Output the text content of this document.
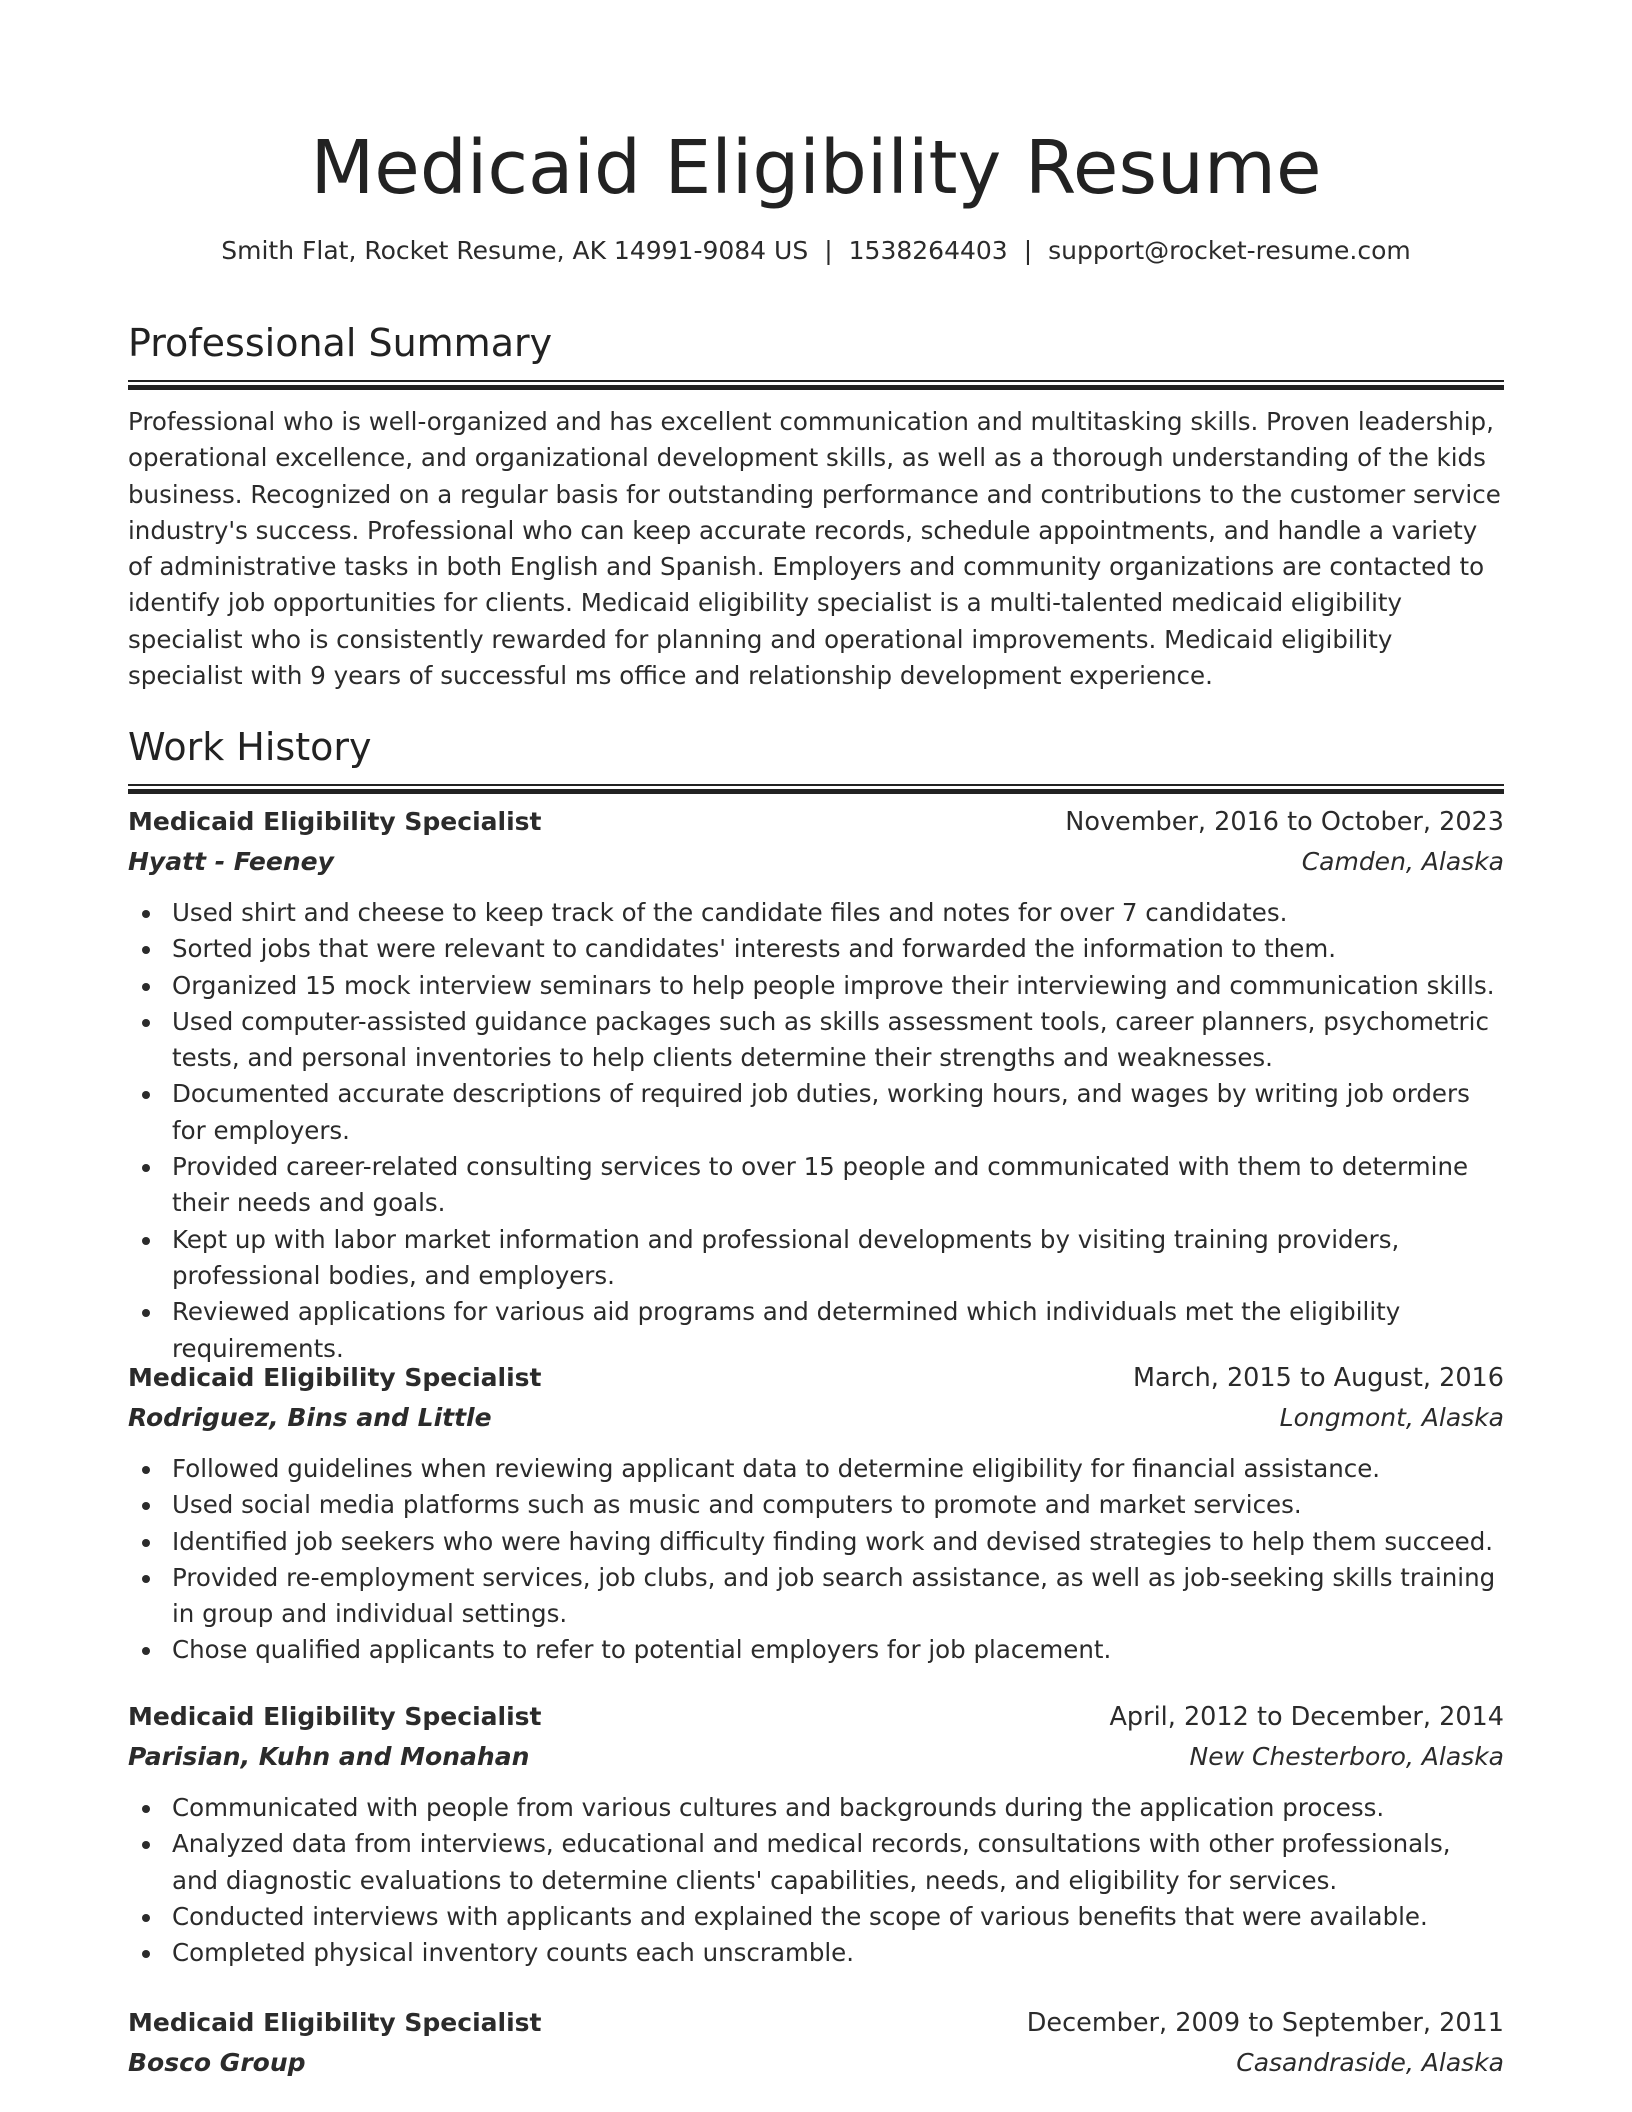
Medicaid Eligibility Resume
Smith Flat, Rocket Resume, AK 14991-9084 US | 1538264403 | support@rocket-resume.com
Professional Summary

Professional who is well-organized and has excellent communication and multitasking skills. Proven leadership, operational excellence, and organizational development skills, as well as a thorough understanding of the kids business. Recognized on a regular basis for outstanding performance and contributions to the customer service industry's success. Professional who can keep accurate records, schedule appointments, and handle a variety of administrative tasks in both English and Spanish. Employers and community organizations are contacted to identify job opportunities for clients. Medicaid eligibility specialist is a multi-talented medicaid eligibility specialist who is consistently rewarded for planning and operational improvements. Medicaid eligibility specialist with 9 years of successful ms office and relationship development experience.

Work History
Medicaid Eligibility Specialist	November, 2016 to October, 2023
Hyatt - Feeney	Camden, Alaska
Used shirt and cheese to keep track of the candidate files and notes for over 7 candidates.
Sorted jobs that were relevant to candidates' interests and forwarded the information to them.
Organized 15 mock interview seminars to help people improve their interviewing and communication skills.
Used computer-assisted guidance packages such as skills assessment tools, career planners, psychometric tests, and personal inventories to help clients determine their strengths and weaknesses.
Documented accurate descriptions of required job duties, working hours, and wages by writing job orders for employers.
Provided career-related consulting services to over 15 people and communicated with them to determine their needs and goals.
Kept up with labor market information and professional developments by visiting training providers, professional bodies, and employers.
Reviewed applications for various aid programs and determined which individuals met the eligibility requirements.
Medicaid Eligibility Specialist	March, 2015 to August, 2016
Rodriguez, Bins and Little	Longmont, Alaska
Followed guidelines when reviewing applicant data to determine eligibility for financial assistance.
Used social media platforms such as music and computers to promote and market services.
Identified job seekers who were having difficulty finding work and devised strategies to help them succeed.
Provided re-employment services, job clubs, and job search assistance, as well as job-seeking skills training in group and individual settings.
Chose qualified applicants to refer to potential employers for job placement.
Medicaid Eligibility Specialist	April, 2012 to December, 2014
Parisian, Kuhn and Monahan	New Chesterboro, Alaska
Communicated with people from various cultures and backgrounds during the application process.
Analyzed data from interviews, educational and medical records, consultations with other professionals, and diagnostic evaluations to determine clients' capabilities, needs, and eligibility for services.
Conducted interviews with applicants and explained the scope of various benefits that were available.
Completed physical inventory counts each unscramble.
Medicaid Eligibility Specialist	December, 2009 to September, 2011
Bosco Group	Casandraside, Alaska
